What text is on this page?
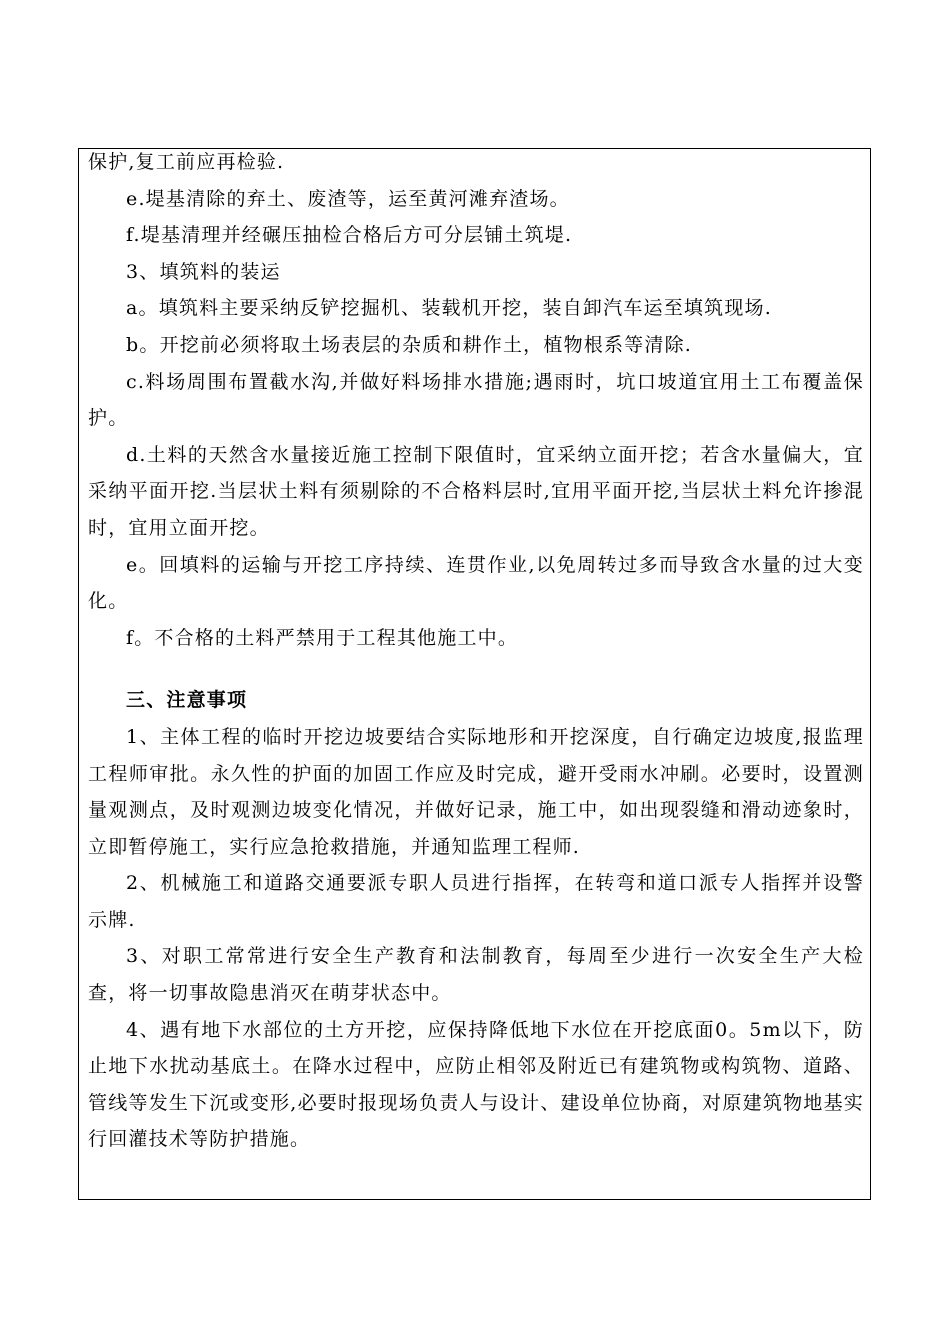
保护,复工前应再检验.

e.堤基清除的弃土、废渣等，运至黄河滩弃渣场。

f.堤基清理并经碾压抽检合格后方可分层铺土筑堤.

3、填筑料的装运

a。填筑料主要采纳反铲挖掘机、装载机开挖，装自卸汽车运至填筑现场.

b。开挖前必须将取土场表层的杂质和耕作土，植物根系等清除.

c.料场周围布置截水沟,并做好料场排水措施;遇雨时，坑口坡道宜用土工布覆盖保护。

d.土料的天然含水量接近施工控制下限值时，宜采纳立面开挖；若含水量偏大，宜采纳平面开挖.当层状土料有须剔除的不合格料层时,宜用平面开挖,当层状土料允许掺混时，宜用立面开挖。

e。回填料的运输与开挖工序持续、连贯作业,以免周转过多而导致含水量的过大变化。

f。不合格的土料严禁用于工程其他施工中。

三、注意事项

1、主体工程的临时开挖边坡要结合实际地形和开挖深度，自行确定边坡度,报监理工程师审批。永久性的护面的加固工作应及时完成，避开受雨水冲刷。必要时，设置测量观测点，及时观测边坡变化情况，并做好记录，施工中，如出现裂缝和滑动迹象时，立即暂停施工，实行应急抢救措施，并通知监理工程师.

2、机械施工和道路交通要派专职人员进行指挥，在转弯和道口派专人指挥并设警示牌.

3、对职工常常进行安全生产教育和法制教育，每周至少进行一次安全生产大检查，将一切事故隐患消灭在萌芽状态中。

4、遇有地下水部位的土方开挖，应保持降低地下水位在开挖底面0。5m以下，防止地下水扰动基底土。在降水过程中，应防止相邻及附近已有建筑物或构筑物、道路、管线等发生下沉或变形,必要时报现场负责人与设计、建设单位协商，对原建筑物地基实行回灌技术等防护措施。
